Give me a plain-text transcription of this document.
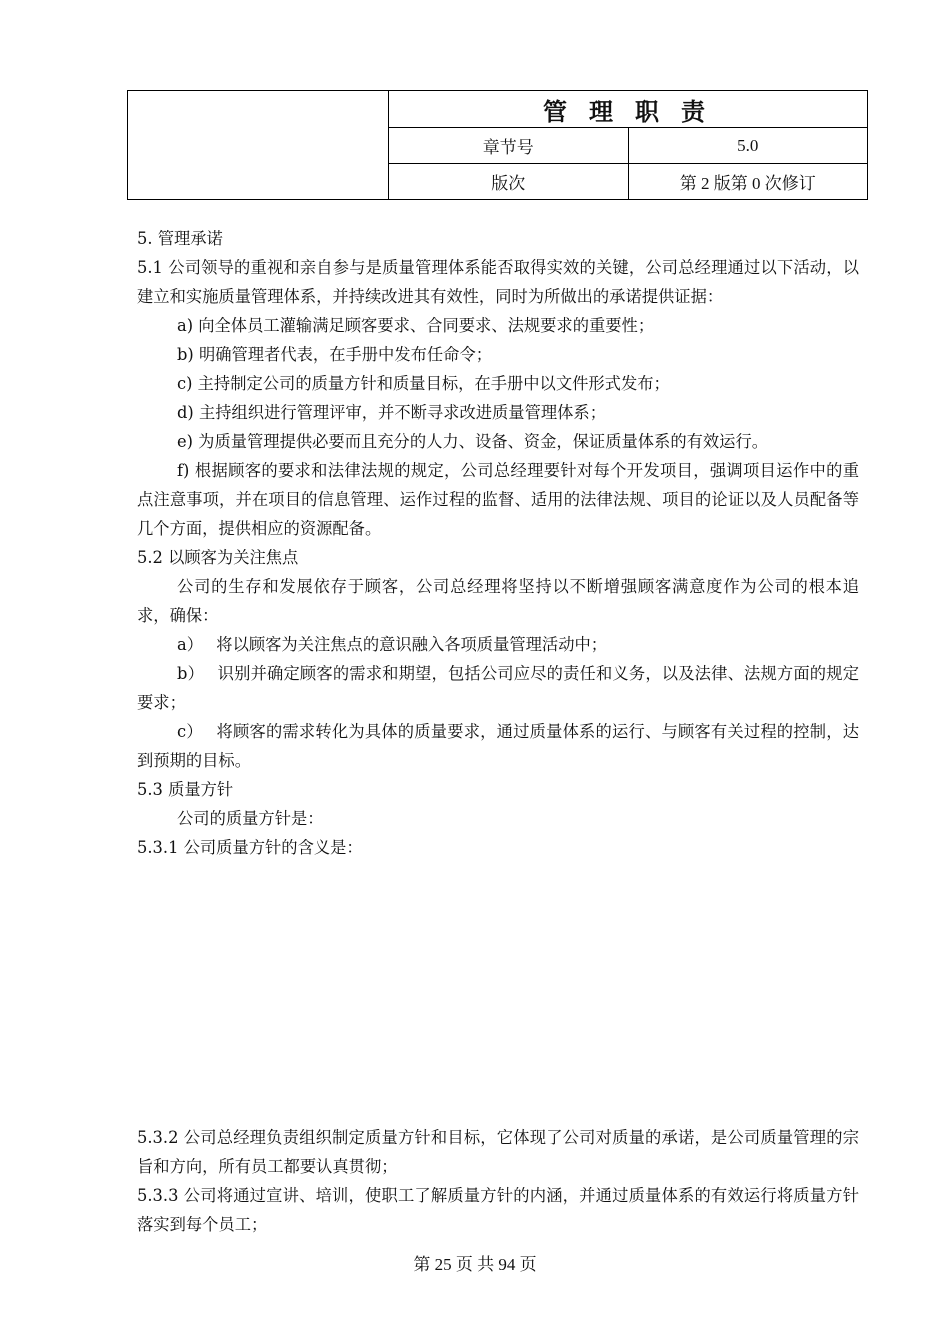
	管 理 职 责	
	章节号	5.0
	版次	第 2 版第 0 次修订

5. 管理承诺

5.1 公司领导的重视和亲自参与是质量管理体系能否取得实效的关键，公司总经理通过以下活动，以建立和实施质量管理体系，并持续改进其有效性，同时为所做出的承诺提供证据：

a) 向全体员工灌输满足顾客要求、合同要求、法规要求的重要性；

b) 明确管理者代表，在手册中发布任命令；

c) 主持制定公司的质量方针和质量目标，在手册中以文件形式发布；

d) 主持组织进行管理评审，并不断寻求改进质量管理体系；

e) 为质量管理提供必要而且充分的人力、设备、资金，保证质量体系的有效运行。

f) 根据顾客的要求和法律法规的规定，公司总经理要针对每个开发项目，强调项目运作中的重点注意事项，并在项目的信息管理、运作过程的监督、适用的法律法规、项目的论证以及人员配备等几个方面，提供相应的资源配备。

5.2 以顾客为关注焦点

公司的生存和发展依存于顾客，公司总经理将坚持以不断增强顾客满意度作为公司的根本追求，确保：

a）　 将以顾客为关注焦点的意识融入各项质量管理活动中；

b）　 识别并确定顾客的需求和期望，包括公司应尽的责任和义务，以及法律、法规方面的规定要求；

c）　 将顾客的需求转化为具体的质量要求，通过质量体系的运行、与顾客有关过程的控制，达到预期的目标。

5.3 质量方针

公司的质量方针是：

5.3.1 公司质量方针的含义是：

5.3.2 公司总经理负责组织制定质量方针和目标，它体现了公司对质量的承诺，是公司质量管理的宗旨和方向，所有员工都要认真贯彻；

5.3.3 公司将通过宣讲、培训，使职工了解质量方针的内涵，并通过质量体系的有效运行将质量方针落实到每个员工；

第 25 页 共 94 页
